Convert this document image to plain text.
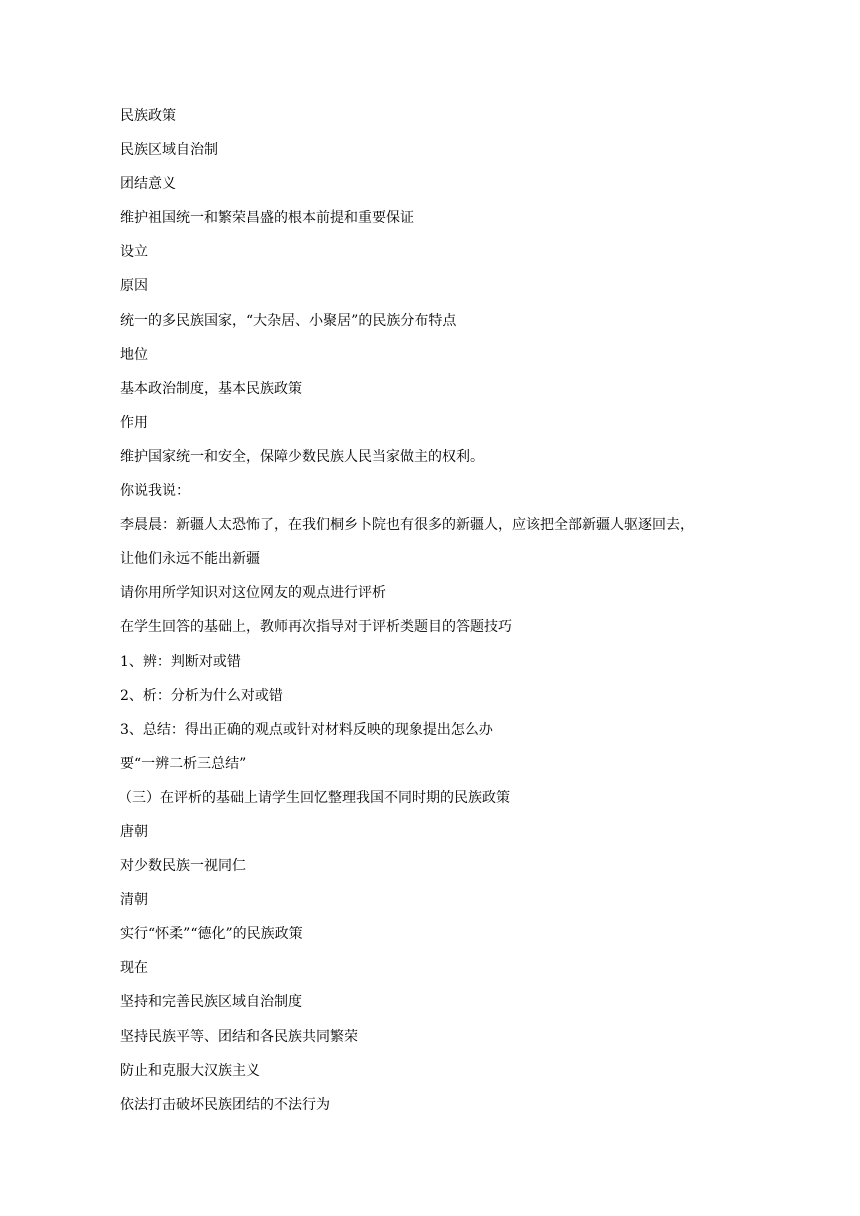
民族政策
民族区域自治制
团结意义
维护祖国统一和繁荣昌盛的根本前提和重要保证
设立
原因
统一的多民族国家，“大杂居、小聚居”的民族分布特点
地位
基本政治制度，基本民族政策
作用
维护国家统一和安全，保障少数民族人民当家做主的权利。
你说我说：
李晨晨：新疆人太恐怖了，在我们桐乡卜院也有很多的新疆人，应该把全部新疆人驱逐回去，
让他们永远不能出新疆
请你用所学知识对这位网友的观点进行评析
在学生回答的基础上，教师再次指导对于评析类题目的答题技巧
1、辨：判断对或错
2、析：分析为什么对或错
3、总结：得出正确的观点或针对材料反映的现象提出怎么办
要“一辨二析三总结”
（三）在评析的基础上请学生回忆整理我国不同时期的民族政策
唐朝
对少数民族一视同仁
清朝
实行“怀柔”“德化”的民族政策
现在
坚持和完善民族区域自治制度
坚持民族平等、团结和各民族共同繁荣
防止和克服大汉族主义
依法打击破坏民族团结的不法行为
